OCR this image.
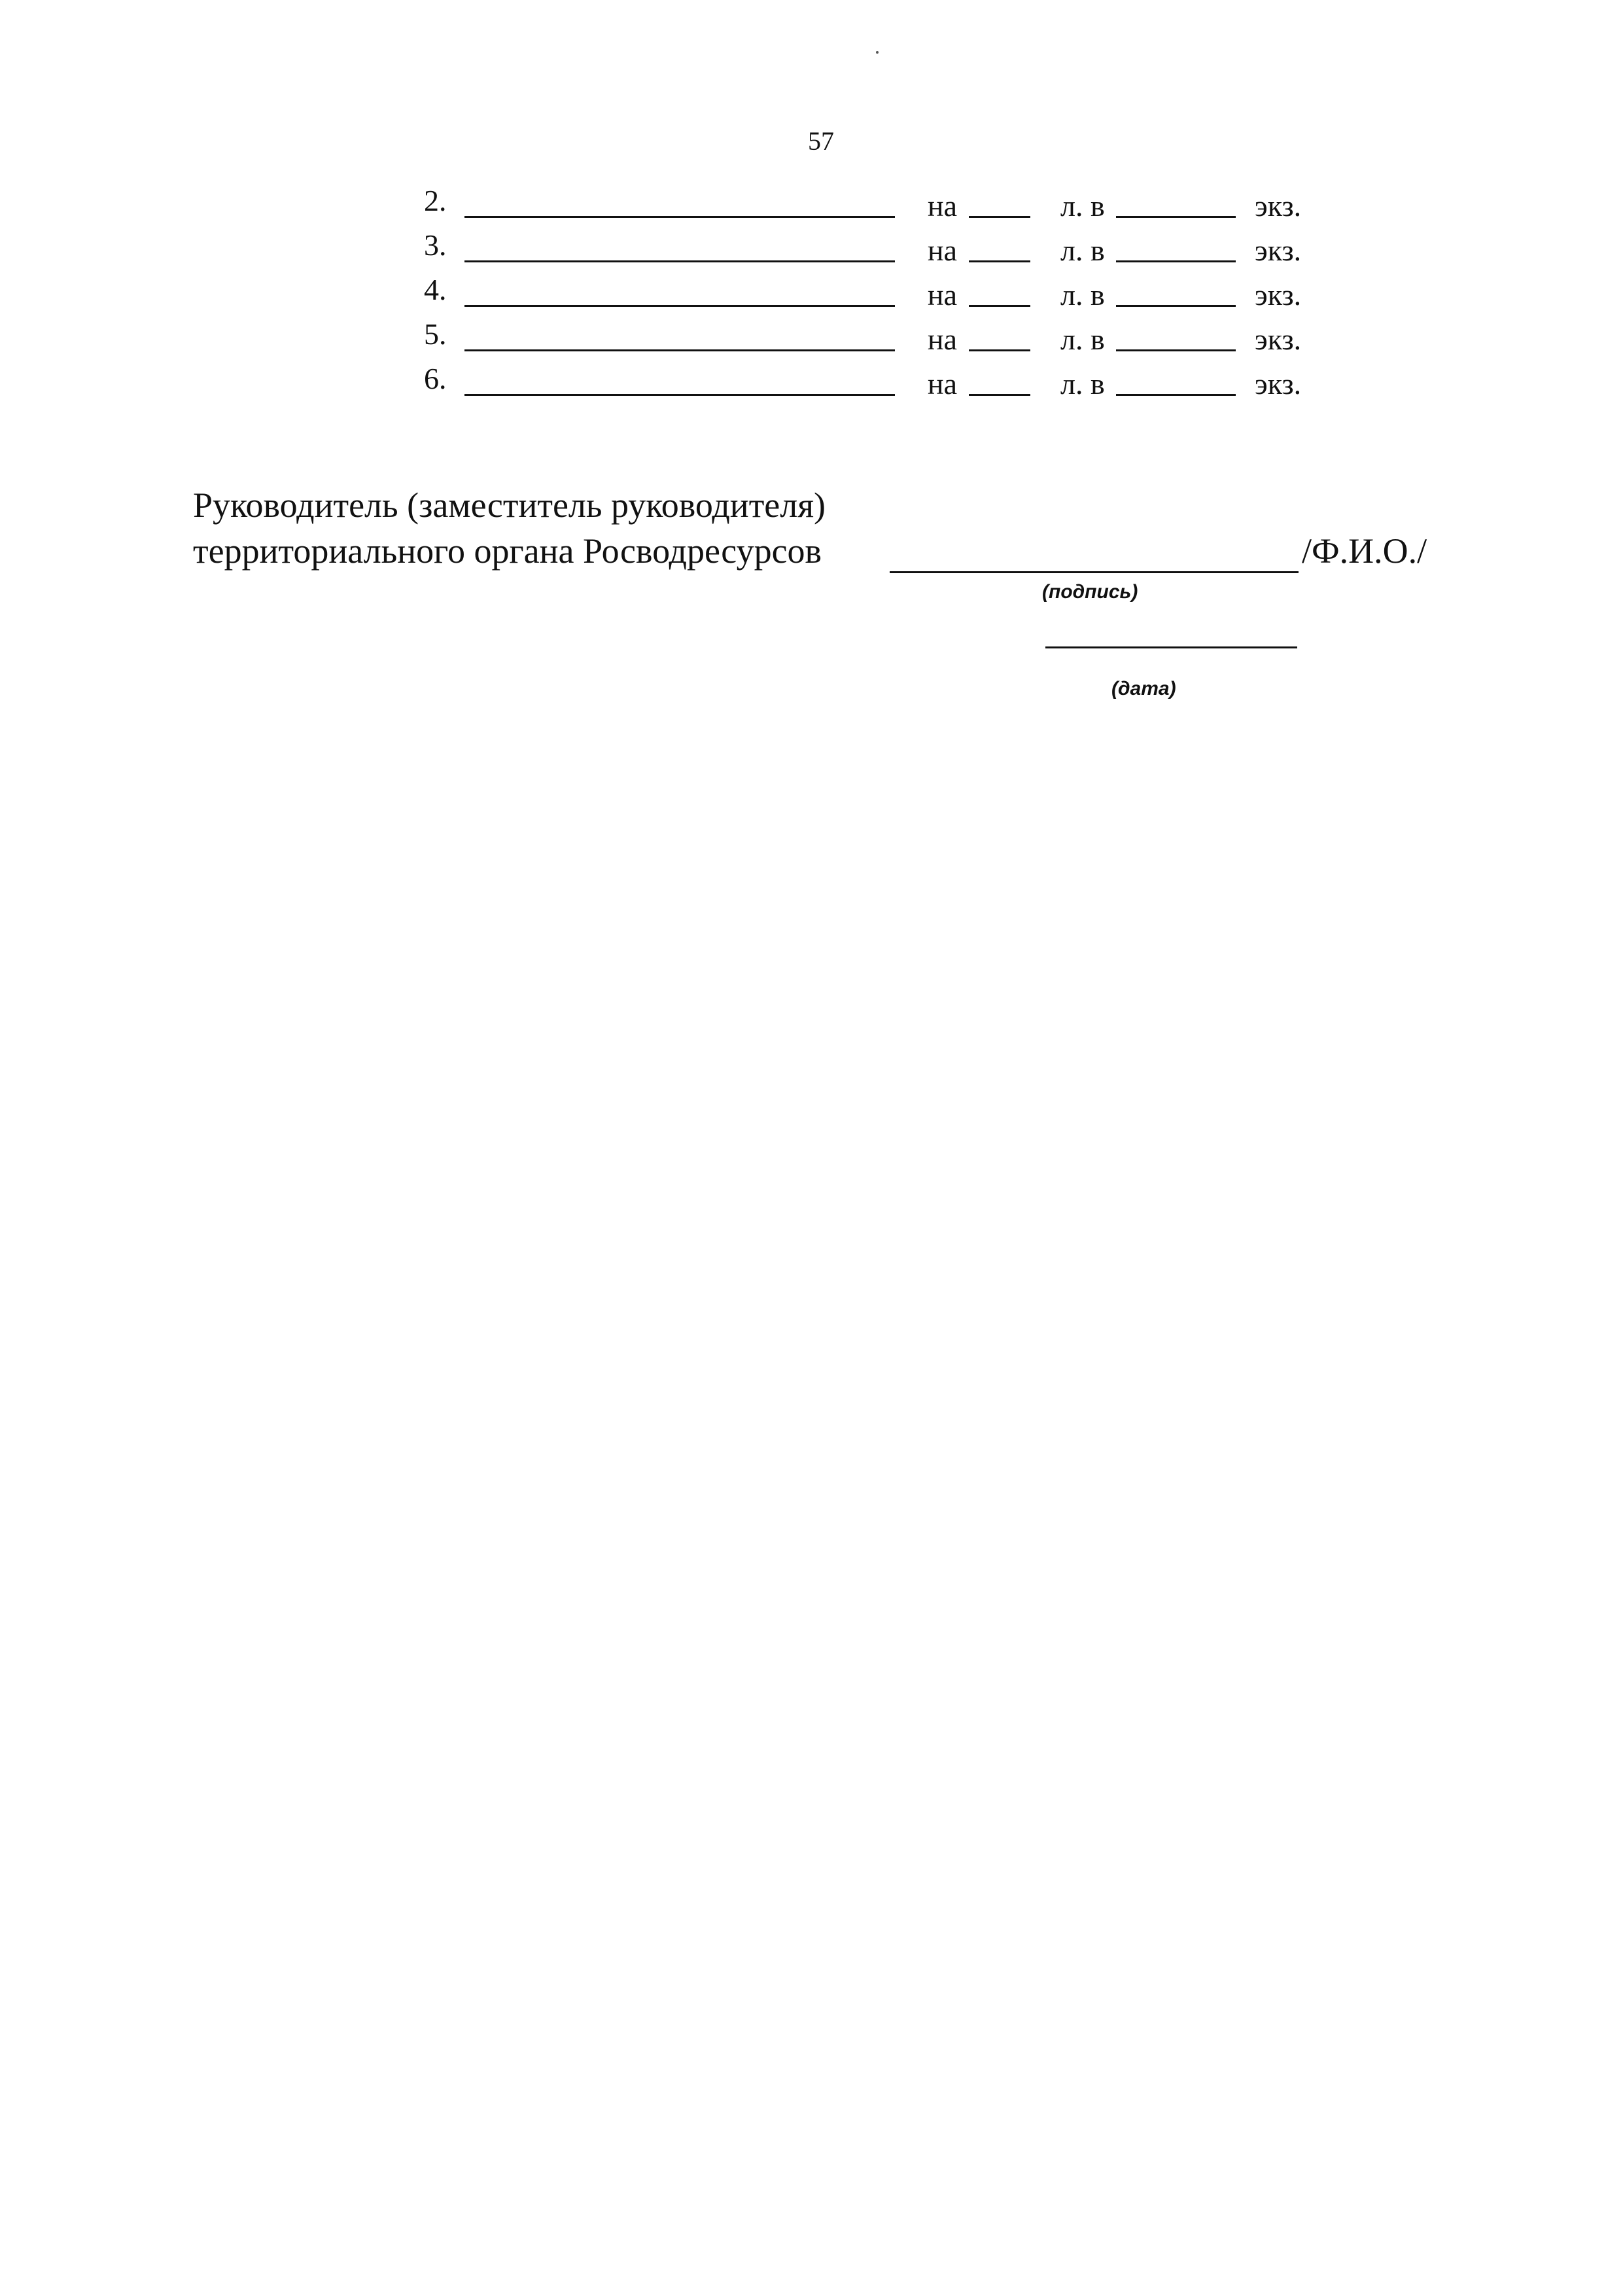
57
2.	на	л. в	экз.
3.	на	л. в	экз.
4.	на	л. в	экз.
5.	на	л. в	экз.
6.	на	л. в	экз.
Руководитель (заместитель руководителя)
территориального органа Росводресурсов	/Ф.И.О./
(подпись)
(дата)
